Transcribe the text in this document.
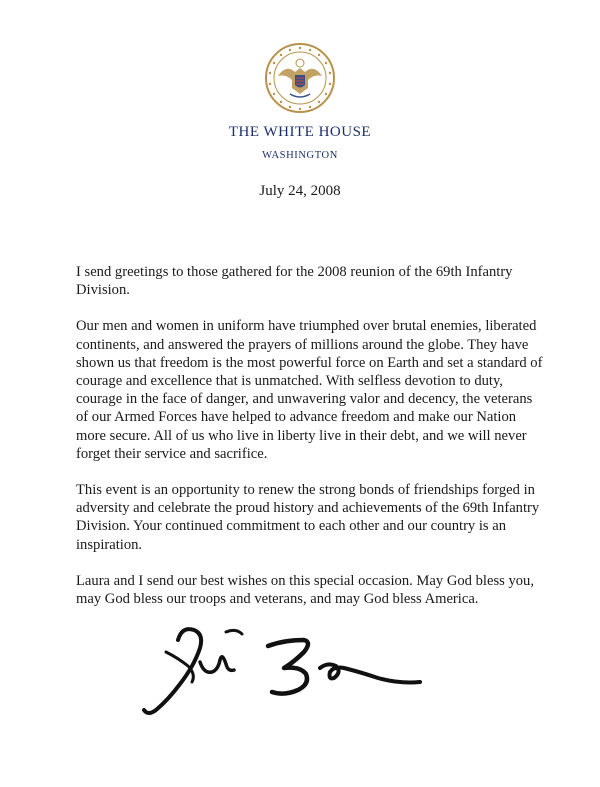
THE WHITE HOUSE
WASHINGTON
July 24, 2008

I send greetings to those gathered for the 2008 reunion of the 69th Infantry Division.

Our men and women in uniform have triumphed over brutal enemies, liberated continents, and answered the prayers of millions around the globe. They have shown us that freedom is the most powerful force on Earth and set a standard of courage and excellence that is unmatched. With selfless devotion to duty, courage in the face of danger, and unwavering valor and decency, the veterans of our Armed Forces have helped to advance freedom and make our Nation more secure. All of us who live in liberty live in their debt, and we will never forget their service and sacrifice.

This event is an opportunity to renew the strong bonds of friendships forged in adversity and celebrate the proud history and achievements of the 69th Infantry Division. Your continued commitment to each other and our country is an inspiration.

Laura and I send our best wishes on this special occasion. May God bless you, may God bless our troops and veterans, and may God bless America.
